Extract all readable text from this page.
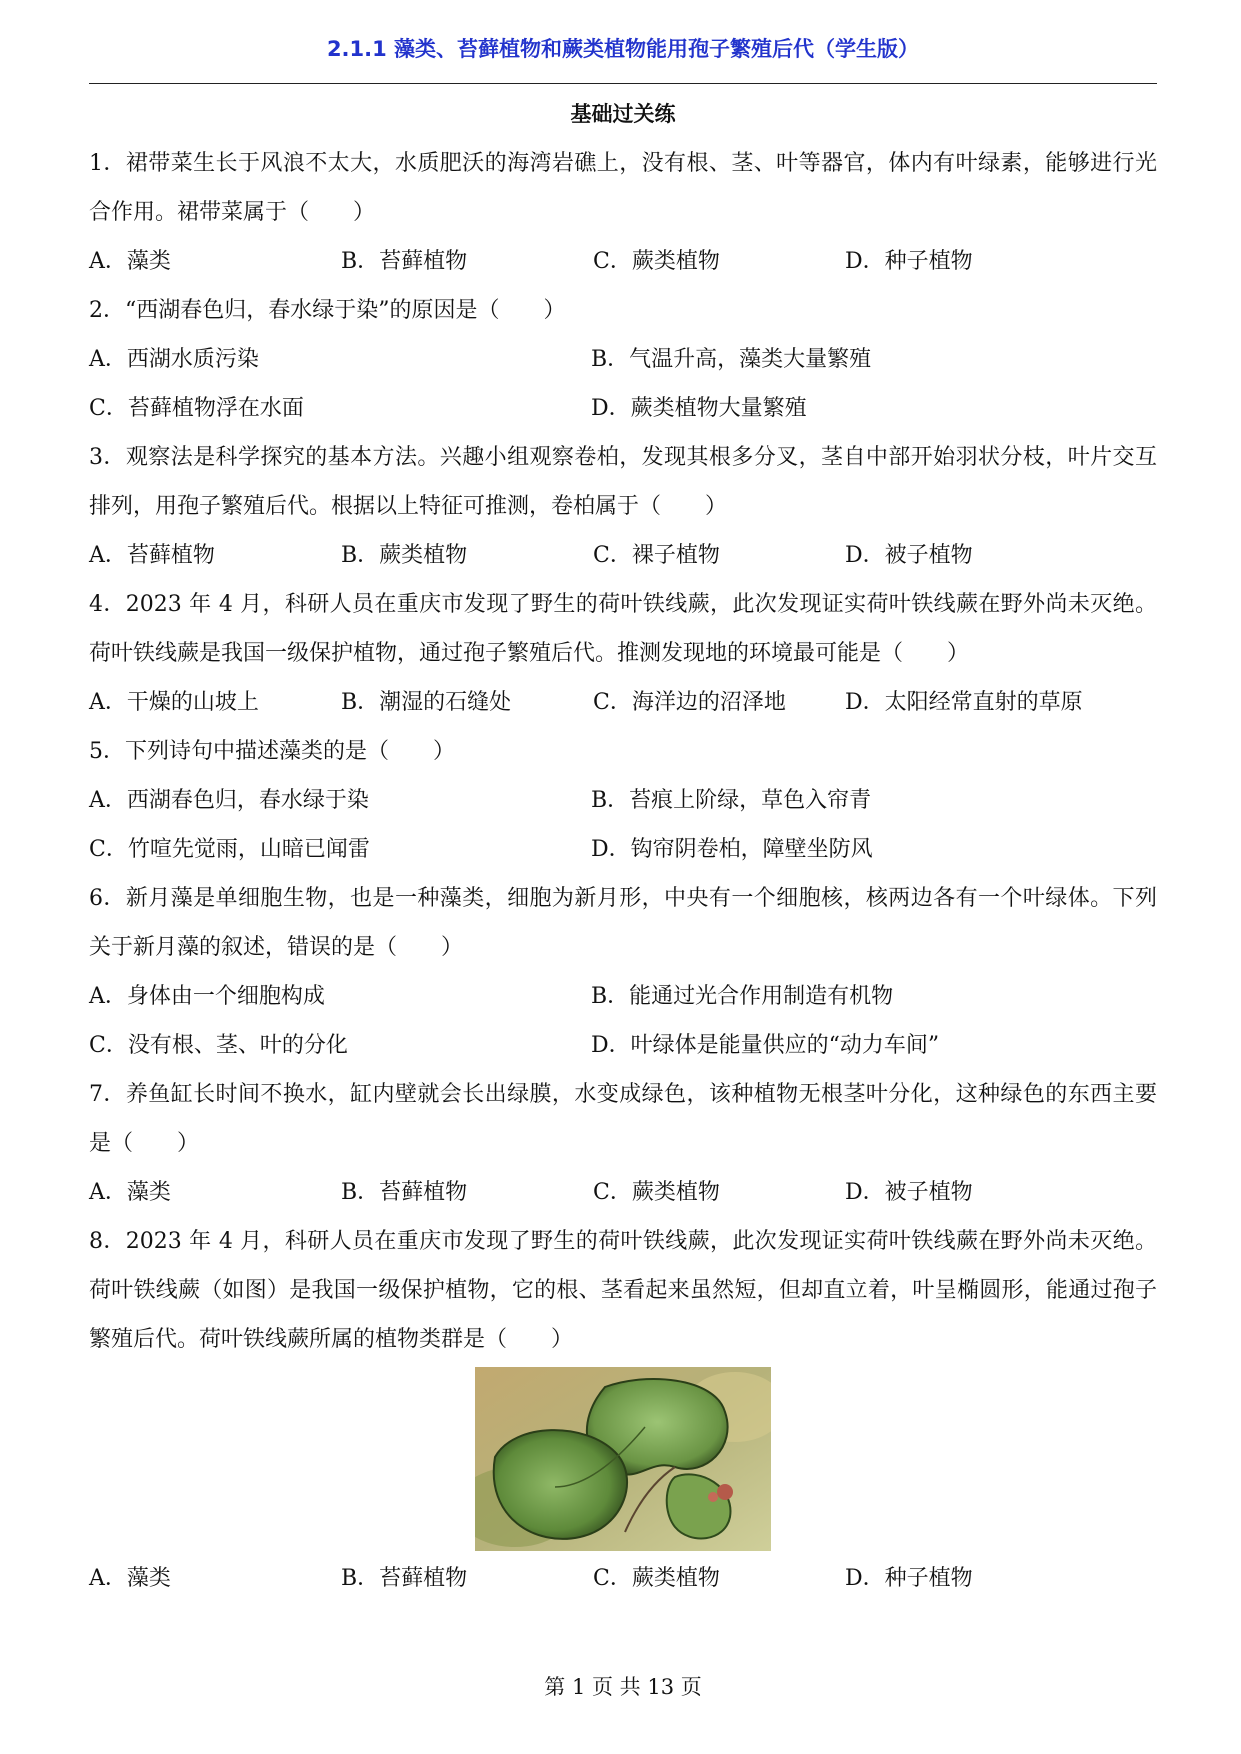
2.1.1 藻类、苔藓植物和蕨类植物能用孢子繁殖后代（学生版）
基础过关练

1．裙带菜生长于风浪不太大，水质肥沃的海湾岩礁上，没有根、茎、叶等器官，体内有叶绿素，能够进行光合作用。裙带菜属于（　　）

A．藻类	B．苔藓植物	C．蕨类植物	D．种子植物

2．“西湖春色归，春水绿于染”的原因是（　　）

A．西湖水质污染	B．气温升高，藻类大量繁殖
C．苔藓植物浮在水面	D．蕨类植物大量繁殖

3．观察法是科学探究的基本方法。兴趣小组观察卷柏，发现其根多分叉，茎自中部开始羽状分枝，叶片交互排列，用孢子繁殖后代。根据以上特征可推测，卷柏属于（　　）

A．苔藓植物	B．蕨类植物	C．裸子植物	D．被子植物

4．2023 年 4 月，科研人员在重庆市发现了野生的荷叶铁线蕨，此次发现证实荷叶铁线蕨在野外尚未灭绝。荷叶铁线蕨是我国一级保护植物，通过孢子繁殖后代。推测发现地的环境最可能是（　　）

A．干燥的山坡上	B．潮湿的石缝处	C．海洋边的沼泽地	D．太阳经常直射的草原

5．下列诗句中描述藻类的是（　　）

A．西湖春色归，春水绿于染	B．苔痕上阶绿，草色入帘青
C．竹喧先觉雨，山暗已闻雷	D．钩帘阴卷柏，障壁坐防风

6．新月藻是单细胞生物，也是一种藻类，细胞为新月形，中央有一个细胞核，核两边各有一个叶绿体。下列关于新月藻的叙述，错误的是（　　）

A．身体由一个细胞构成	B．能通过光合作用制造有机物
C．没有根、茎、叶的分化	D．叶绿体是能量供应的“动力车间”

7．养鱼缸长时间不换水，缸内壁就会长出绿膜，水变成绿色，该种植物无根茎叶分化，这种绿色的东西主要是（　　）

A．藻类	B．苔藓植物	C．蕨类植物	D．被子植物

8．2023 年 4 月，科研人员在重庆市发现了野生的荷叶铁线蕨，此次发现证实荷叶铁线蕨在野外尚未灭绝。荷叶铁线蕨（如图）是我国一级保护植物，它的根、茎看起来虽然短，但却直立着，叶呈椭圆形，能通过孢子繁殖后代。荷叶铁线蕨所属的植物类群是（　　）

A．藻类	B．苔藓植物	C．蕨类植物	D．种子植物
第 1 页 共 13 页
